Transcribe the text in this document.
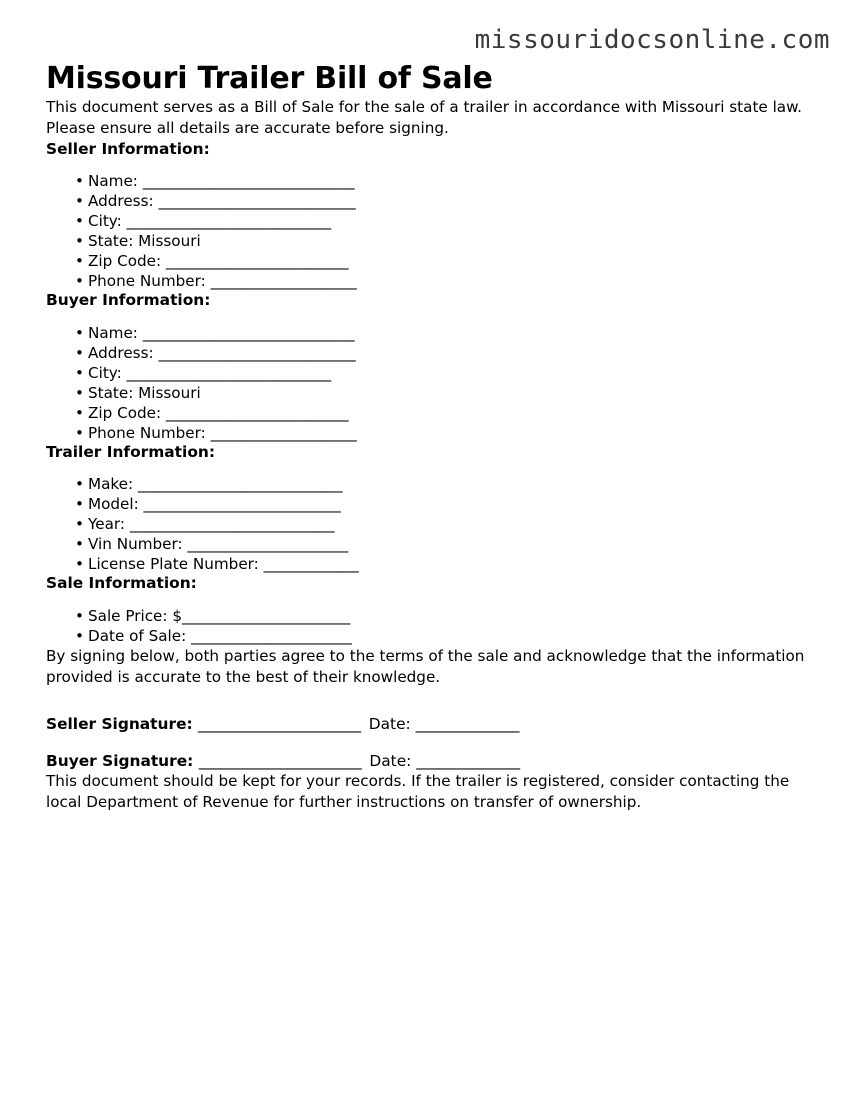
missouridocsonline.com
Missouri Trailer Bill of Sale

This document serves as a Bill of Sale for the sale of a trailer in accordance with Missouri state law. Please ensure all details are accurate before signing.

Seller Information:
• Name: _____________________________
• Address: ___________________________
• City: ____________________________
• State: Missouri
• Zip Code: _________________________
• Phone Number: ____________________
Buyer Information:
• Name: _____________________________
• Address: ___________________________
• City: ____________________________
• State: Missouri
• Zip Code: _________________________
• Phone Number: ____________________
Trailer Information:
• Make: ____________________________
• Model: ___________________________
• Year: ____________________________
• Vin Number: ______________________
• License Plate Number: _____________
Sale Information:
• Sale Price: $_______________________
• Date of Sale: ______________________

By signing below, both parties agree to the terms of the sale and acknowledge that the information provided is accurate to the best of their knowledge.

Seller Signature: ______________________ Date: ______________
Buyer Signature: ______________________ Date: ______________

This document should be kept for your records. If the trailer is registered, consider contacting the local Department of Revenue for further instructions on transfer of ownership.
